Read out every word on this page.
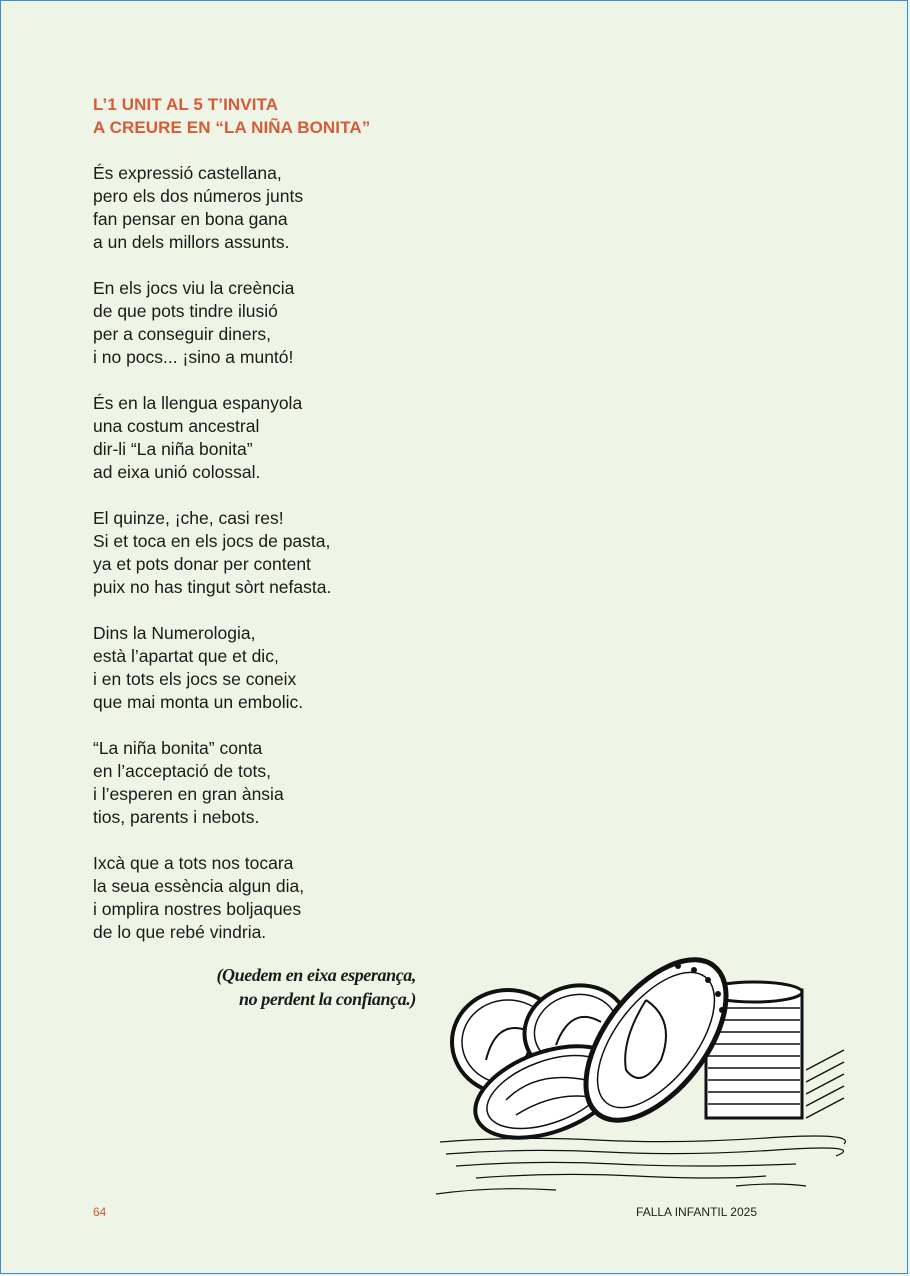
L’1 UNIT AL 5 T’INVITA
A CREURE EN “LA NIÑA BONITA”
És expressió castellana,
pero els dos números junts
fan pensar en bona gana
a un dels millors assunts.
En els jocs viu la creència
de que pots tindre ilusió
per a conseguir diners,
i no pocs... ¡sino a muntó!
És en la llengua espanyola
una costum ancestral
dir-li “La niña bonita”
ad eixa unió colossal.
El quinze, ¡che, casi res!
Si et toca en els jocs de pasta,
ya et pots donar per content
puix no has tingut sòrt nefasta.
Dins la Numerologia,
està l’apartat que et dic,
i en tots els jocs se coneix
que mai monta un embolic.
“La niña bonita” conta
en l’acceptació de tots,
i l’esperen en gran ànsia
tios, parents i nebots.
Ixcà que a tots nos tocara
la seua essència algun dia,
i omplira nostres boljaques
de lo que rebé vindria.
(Quedem en eixa esperança,
no perdent la confiança.)
64	FALLA INFANTIL 2025
